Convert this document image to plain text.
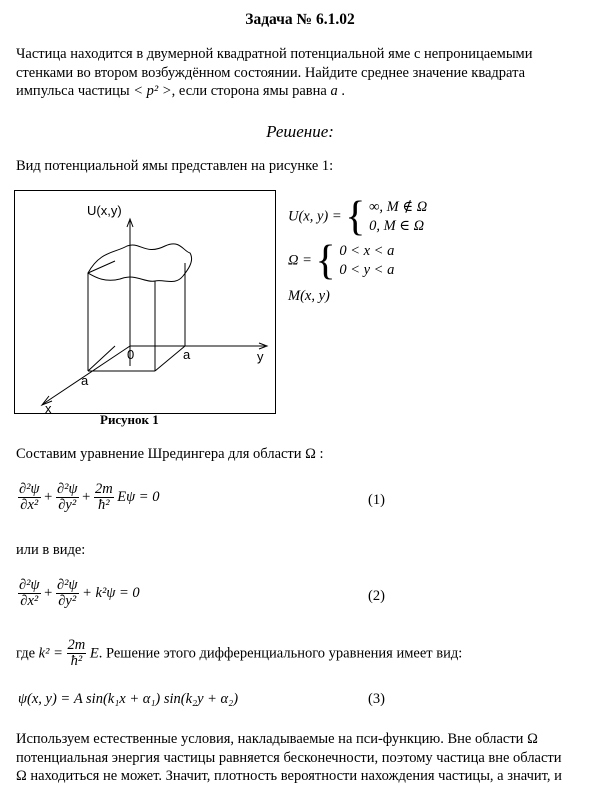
Задача № 6.1.02
Частица находится в двумерной квадратной потенциальной яме с непроницаемыми
стенками во втором возбуждённом состоянии. Найдите среднее значение квадрата
импульса частицы < p² >, если сторона ямы равна a .
Решение:
Вид потенциальной ямы представлен на рисунке 1:
U(x,y)
0	a
a
y
x
Рисунок 1
U(x, y) = { ∞, M ∉ Ω
0, M ∈ Ω
Ω = { 0 < x < a
0 < y < a
M(x, y)
Составим уравнение Шредингера для области Ω :
$\frac{\text{∂²ψ}}{\text{∂x²}} + \frac{\text{∂²ψ}}{\text{∂y²}} + \frac{2m}{\text{ħ²}}$ Eψ = 0	(1)
или в виде:
$\frac{\text{∂²ψ}}{\text{∂x²}} + \frac{\text{∂²ψ}}{\text{∂y²}} + k^2\psi = 0$	(2)
где $k^2 = \frac{2m}{\text{ħ²}} E$. Решение этого дифференциального уравнения имеет вид:
ψ(x, y) = A sin(k₁x + α₁) sin(k₂y + α₂)	(3)
Используем естественные условия, накладываемые на пси-функцию. Вне области Ω
потенциальная энергия частицы равняется бесконечности, поэтому частица вне области
Ω находиться не может. Значит, плотность вероятности нахождения частицы, а значит, и
